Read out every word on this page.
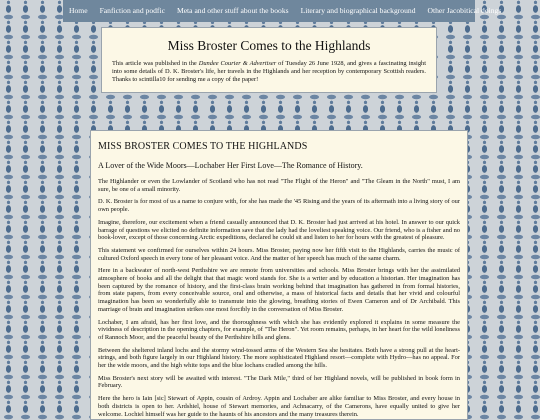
Home	Fanfiction and podfic	Meta and other stuff about the books	Literary and biographical background	Other Jacobitical doings
Miss Broster Comes to the Highlands

This article was published in the Dundee Courier & Advertiser of Tuesday 26 June 1928, and gives a fascinating insight into some details of D. K. Broster's life, her travels in the Highlands and her reception by contemporary Scottish readers. Thanks to scintilla10 for sending me a copy of the paper!

MISS BROSTER COMES TO THE HIGHLANDS
A Lover of the Wide Moors—Lochaber Her First Love—The Romance of History.

The Highlander or even the Lowlander of Scotland who has not read "The Flight of the Heron" and "The Gleam in the North" must, I am sure, be one of a small minority.

D. K. Broster is for most of us a name to conjure with, for she has made the '45 Rising and the years of its aftermath into a living story of our own people.

Imagine, therefore, our excitement when a friend casually announced that D. K. Broster had just arrived at his hotel. In answer to our quick barrage of questions we elicited no definite information save that the lady had the loveliest speaking voice. Our friend, who is a fisher and no book-lover, except of those concerning Arctic expeditions, declared he could sit and listen to her for hours with the greatest of pleasure.

This statement we confirmed for ourselves within 24 hours. Miss Broster, paying now her fifth visit to the Highlands, carries the music of cultured Oxford speech in every tone of her pleasant voice. And the matter of her speech has much of the same charm.

Here in a backwater of north-west Perthshire we are remote from universities and schools. Miss Broster brings with her the assimilated atmosphere of books and all the delight that that magic word stands for. She is a writer and by education a historian. Her imagination has been captured by the romance of history, and the first-class brain working behind that imagination has gathered in from formal histories, from state papers, from every conceivable source, oral and otherwise, a mass of historical facts and details that her vivid and colourful imagination has been so wonderfully able to transmute into the glowing, breathing stories of Ewen Cameron and of Dr Archibald. This marriage of brain and imagination strikes one most forcibly in the conversation of Miss Broster.

Lochaber, I am afraid, has her first love, and the thoroughness with which she has evidently explored it explains in some measure the vividness of description in the opening chapters, for example, of "The Heron". Yet room remains, perhaps, in her heart for the wild loneliness of Rannoch Moor, and the peaceful beauty of the Perthshire hills and glens.

Between the sheltered inland lochs and the stormy wind-tossed arms of the Western Sea she hesitates. Both have a strong pull at the heart-strings, and both figure largely in our Highland history. The more sophisticated Highland resort—complete with Hydro—has no appeal. For her the wide moors, and the high white tops and the blue lochans cradled among the hills.

Miss Broster's next story will be awaited with interest. "The Dark Mile," third of her Highland novels, will be published in book form in February.

Here the hero is Iain [sic] Stewart of Appin, cousin of Ardroy. Appin and Lochaber are alike familiar to Miss Broster, and every house in both districts is open to her. Ardshiel, house of Stewart memories, and Achnacarry, of the Camerons, have equally united to give her welcome. Lochiel himself was her guide to the haunts of his ancestors and the many treasures therein.
